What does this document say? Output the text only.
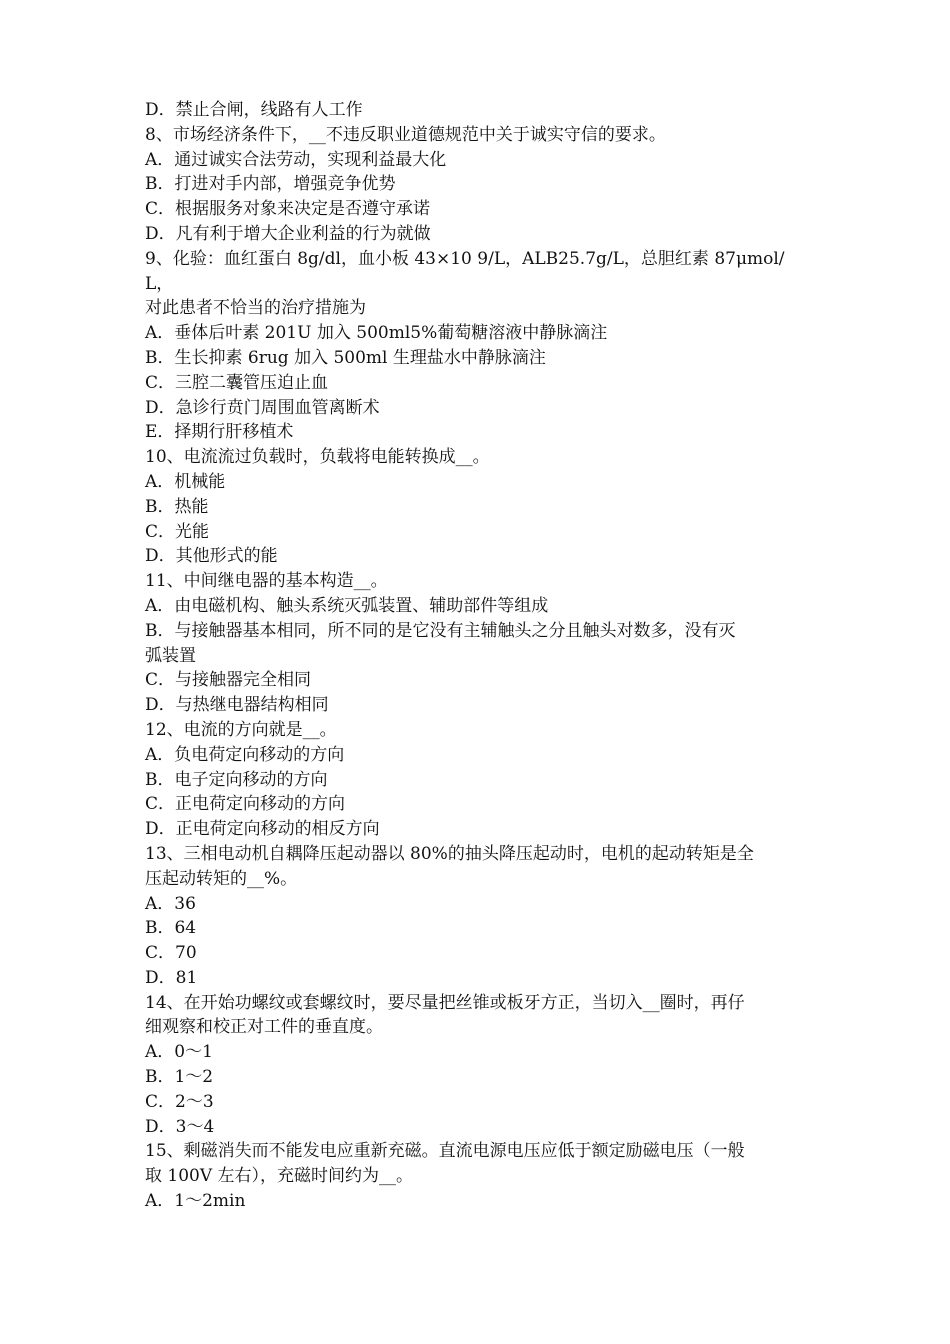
D．禁止合闸，线路有人工作
8、市场经济条件下，__不违反职业道德规范中关于诚实守信的要求。
A．通过诚实合法劳动，实现利益最大化
B．打进对手内部，增强竞争优势
C．根据服务对象来决定是否遵守承诺
D．凡有利于增大企业利益的行为就做
9、化验：血红蛋白 8g/dl，血小板 43×10 9/L，ALB25.7g/L，总胆红素 87μmol/L，
对此患者不恰当的治疗措施为
A．垂体后叶素 201U 加入 500ml5%葡萄糖溶液中静脉滴注
B．生长抑素 6rug 加入 500ml 生理盐水中静脉滴注
C．三腔二囊管压迫止血
D．急诊行贲门周围血管离断术
E．择期行肝移植术
10、电流流过负载时，负载将电能转换成__。
A．机械能
B．热能
C．光能
D．其他形式的能
11、中间继电器的基本构造__。
A．由电磁机构、触头系统灭弧装置、辅助部件等组成
B．与接触器基本相同，所不同的是它没有主辅触头之分且触头对数多，没有灭
弧装置
C．与接触器完全相同
D．与热继电器结构相同
12、电流的方向就是__。
A．负电荷定向移动的方向
B．电子定向移动的方向
C．正电荷定向移动的方向
D．正电荷定向移动的相反方向
13、三相电动机自耦降压起动器以 80%的抽头降压起动时，电机的起动转矩是全
压起动转矩的__%。
A．36
B．64
C．70
D．81
14、在开始功螺纹或套螺纹时，要尽量把丝锥或板牙方正，当切入__圈时，再仔
细观察和校正对工件的垂直度。
A．0～1
B．1～2
C．2～3
D．3～4
15、剩磁消失而不能发电应重新充磁。直流电源电压应低于额定励磁电压（一般
取 100V 左右），充磁时间约为__。
A．1～2min
